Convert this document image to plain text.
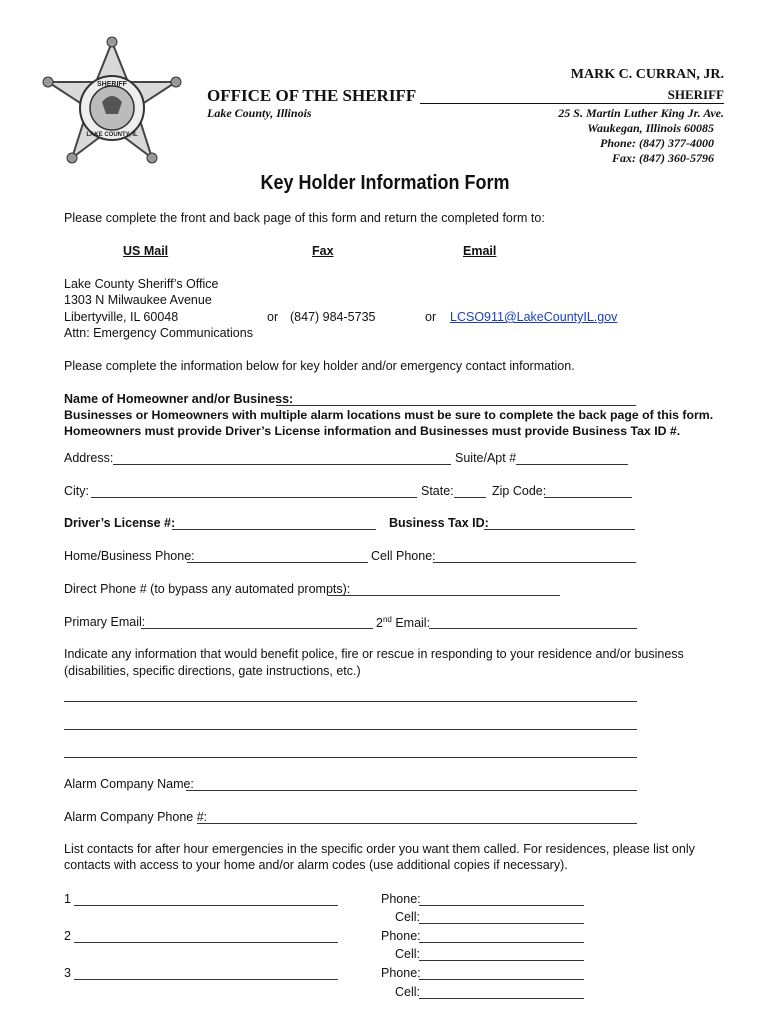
SHERIFF
LAKE COUNTY, IL
OFFICE OF THE SHERIFF
Lake County, Illinois
MARK C. CURRAN, JR.
SHERIFF
25 S. Martin Luther King Jr. Ave.
Waukegan, Illinois 60085
Phone: (847) 377-4000
Fax: (847) 360-5796
Key Holder Information Form
Please complete the front and back page of this form and return the completed form to:
US Mail	Fax	Email
Lake County Sheriff’s Office
1303 N Milwaukee Avenue
Libertyville, IL 60048
Attn: Emergency Communications
or (847) 984-5735	or LCSO911@LakeCountyIL.gov
Please complete the information below for key holder and/or emergency contact information.
Name of Homeowner and/or Business:
Businesses or Homeowners with multiple alarm locations must be sure to complete the back page of this form.
Homeowners must provide Driver’s License information and Businesses must provide Business Tax ID #.
Address:	Suite/Apt #
City:	State:	Zip Code:
Driver’s License #:	Business Tax ID:
Home/Business Phone:	Cell Phone:
Direct Phone # (to bypass any automated prompts):
Primary Email:	2nd Email:
Indicate any information that would benefit police, fire or rescue in responding to your residence and/or business
(disabilities, specific directions, gate instructions, etc.)
Alarm Company Name:
Alarm Company Phone #:
List contacts for after hour emergencies in the specific order you want them called. For residences, please list only
contacts with access to your home and/or alarm codes (use additional copies if necessary).
1	Phone:
Cell:
2	Phone:
Cell:
3	Phone:
Cell:
